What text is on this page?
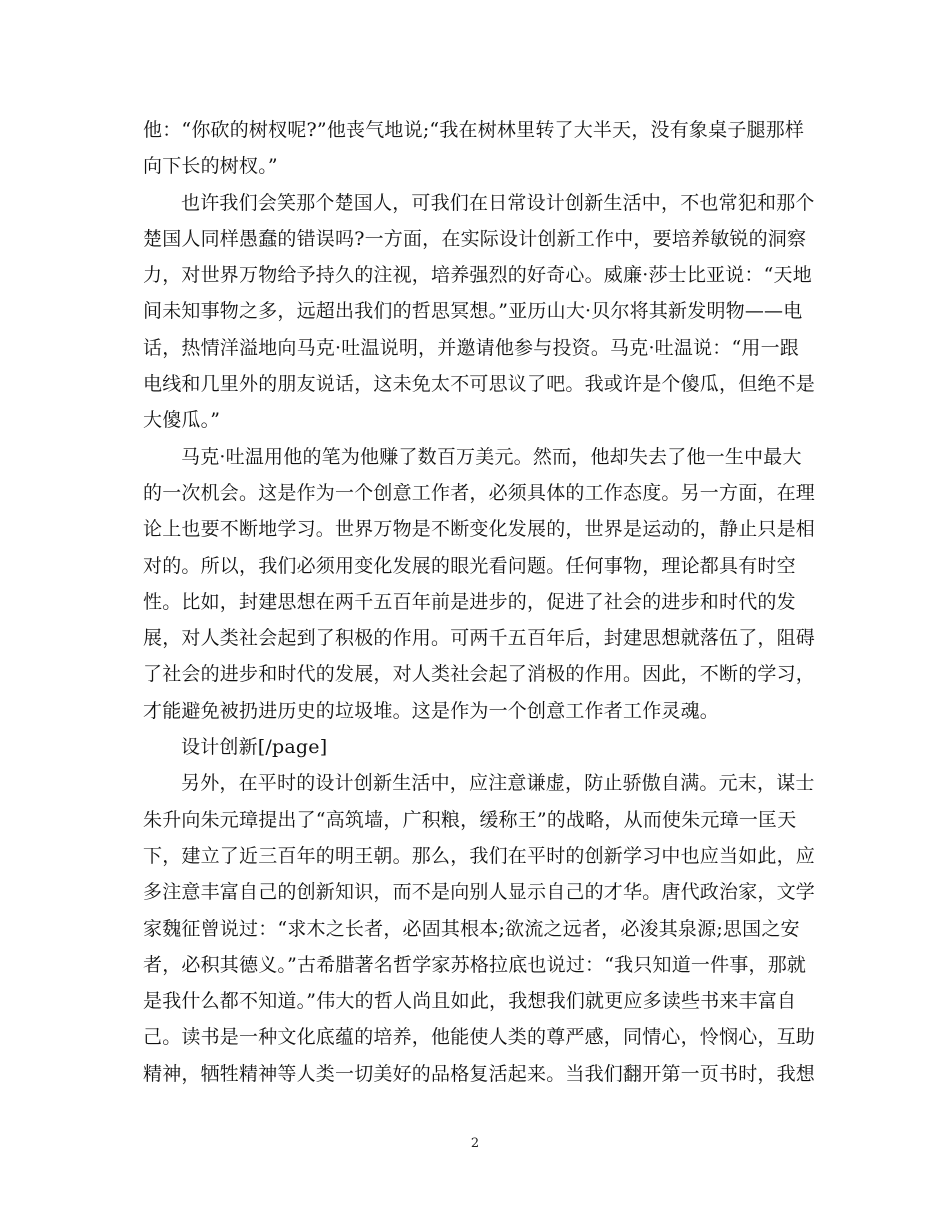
他：“你砍的树杈呢?”他丧气地说;“我在树林里转了大半天，没有象桌子腿那样
向下长的树杈。”

也许我们会笑那个楚国人，可我们在日常设计创新生活中，不也常犯和那个
楚国人同样愚蠢的错误吗?一方面，在实际设计创新工作中，要培养敏锐的洞察
力，对世界万物给予持久的注视，培养强烈的好奇心。威廉·莎士比亚说：“天地
间未知事物之多，远超出我们的哲思冥想。”亚历山大·贝尔将其新发明物——电
话，热情洋溢地向马克·吐温说明，并邀请他参与投资。马克·吐温说：“用一跟
电线和几里外的朋友说话，这未免太不可思议了吧。我或许是个傻瓜，但绝不是
大傻瓜。”

马克·吐温用他的笔为他赚了数百万美元。然而，他却失去了他一生中最大
的一次机会。这是作为一个创意工作者，必须具体的工作态度。另一方面，在理
论上也要不断地学习。世界万物是不断变化发展的，世界是运动的，静止只是相
对的。所以，我们必须用变化发展的眼光看问题。任何事物，理论都具有时空
性。比如，封建思想在两千五百年前是进步的，促进了社会的进步和时代的发
展，对人类社会起到了积极的作用。可两千五百年后，封建思想就落伍了，阻碍
了社会的进步和时代的发展，对人类社会起了消极的作用。因此，不断的学习，
才能避免被扔进历史的垃圾堆。这是作为一个创意工作者工作灵魂。

设计创新[/page]

另外，在平时的设计创新生活中，应注意谦虚，防止骄傲自满。元末，谋士
朱升向朱元璋提出了“高筑墙，广积粮，缓称王”的战略，从而使朱元璋一匡天
下，建立了近三百年的明王朝。那么，我们在平时的创新学习中也应当如此，应
多注意丰富自己的创新知识，而不是向别人显示自己的才华。唐代政治家，文学
家魏征曾说过：“求木之长者，必固其根本;欲流之远者，必浚其泉源;思国之安
者，必积其德义。”古希腊著名哲学家苏格拉底也说过：“我只知道一件事，那就
是我什么都不知道。”伟大的哲人尚且如此，我想我们就更应多读些书来丰富自
己。读书是一种文化底蕴的培养，他能使人类的尊严感，同情心，怜悯心，互助
精神，牺牲精神等人类一切美好的品格复活起来。当我们翻开第一页书时，我想

2
